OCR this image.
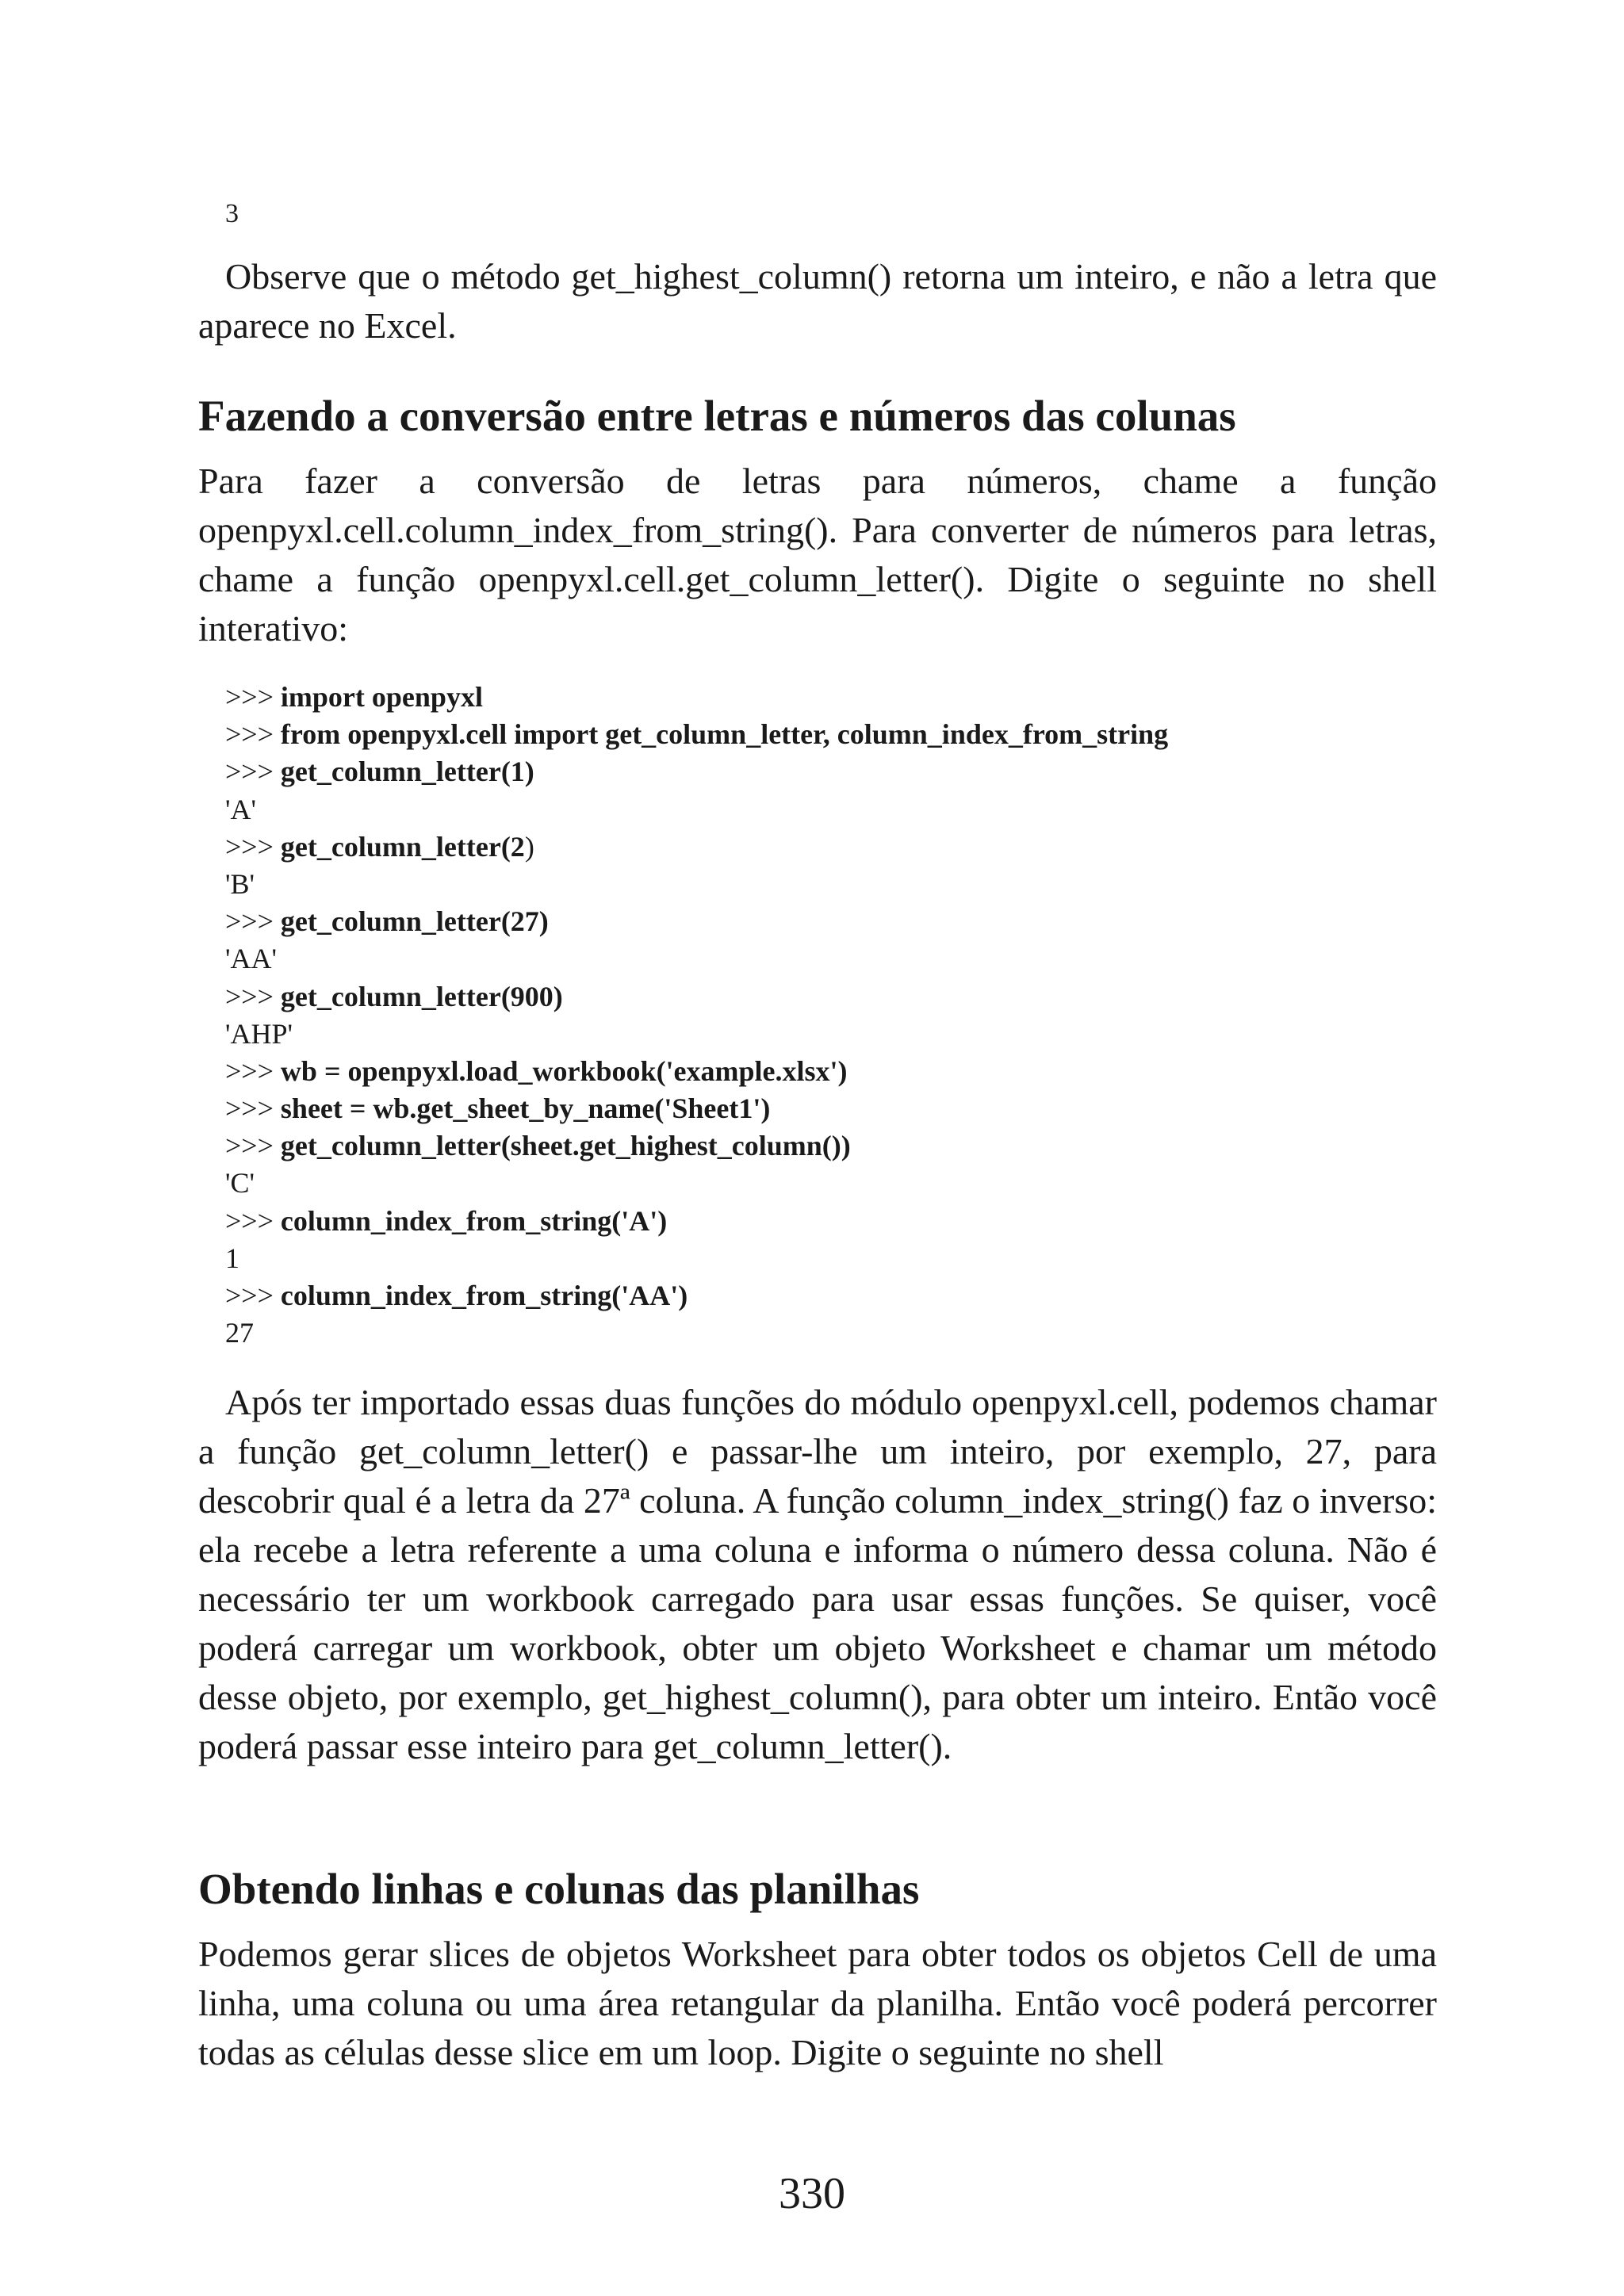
3
Observe que o método get_highest_column() retorna um inteiro, e não a letra que aparece no Excel.
Fazendo a conversão entre letras e números das colunas
Para fazer a conversão de letras para números, chame a função openpyxl.cell.column_index_from_string(). Para converter de números para letras, chame a função openpyxl.cell.get_column_letter(). Digite o seguinte no shell interativo:
>>> import openpyxl
>>> from openpyxl.cell import get_column_letter, column_index_from_string
>>> get_column_letter(1)
'A'
>>> get_column_letter(2)
'B'
>>> get_column_letter(27)
'AA'
>>> get_column_letter(900)
'AHP'
>>> wb = openpyxl.load_workbook('example.xlsx')
>>> sheet = wb.get_sheet_by_name('Sheet1')
>>> get_column_letter(sheet.get_highest_column())
'C'
>>> column_index_from_string('A')
1
>>> column_index_from_string('AA')
27
Após ter importado essas duas funções do módulo openpyxl.cell, podemos chamar a função get_column_letter() e passar-lhe um inteiro, por exemplo, 27, para descobrir qual é a letra da 27ª coluna. A função column_index_string() faz o inverso: ela recebe a letra referente a uma coluna e informa o número dessa coluna. Não é necessário ter um workbook carregado para usar essas funções. Se quiser, você poderá carregar um workbook, obter um objeto Worksheet e chamar um método desse objeto, por exemplo, get_highest_column(), para obter um inteiro. Então você poderá passar esse inteiro para get_column_letter().
Obtendo linhas e colunas das planilhas
Podemos gerar slices de objetos Worksheet para obter todos os objetos Cell de uma linha, uma coluna ou uma área retangular da planilha. Então você poderá percorrer todas as células desse slice em um loop. Digite o seguinte no shell
330
